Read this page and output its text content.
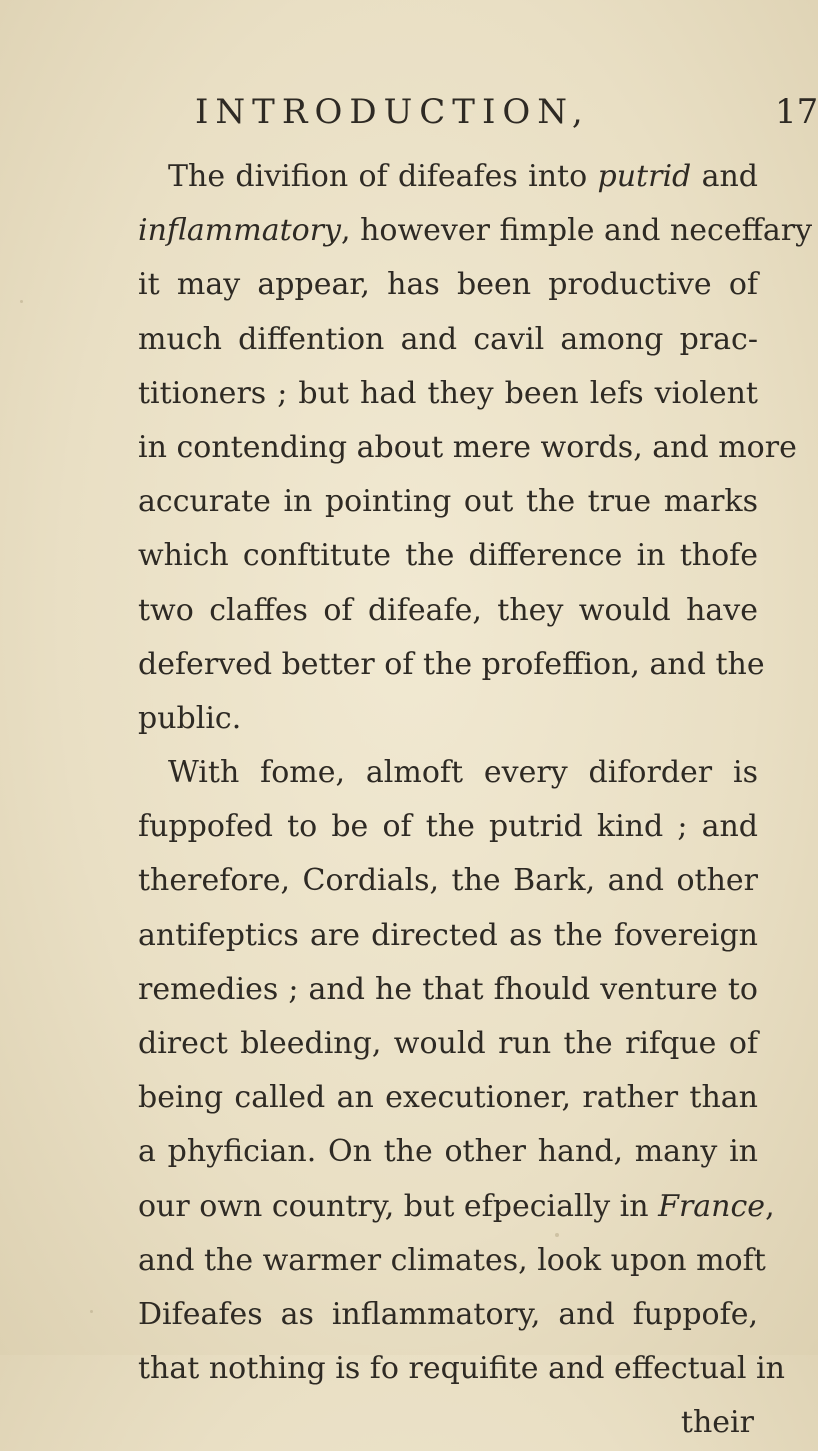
INTRODUCTION,	17
The divifion of difeafes into putrid and
inflammatory, however fimple and neceffary
it may appear, has been productive of
much diffention and cavil among prac-
titioners ; but had they been lefs violent
in contending about mere words, and more
accurate in pointing out the true marks
which conftitute the difference in thofe
two claffes of difeafe, they would have
deferved better of the profeffion, and the
public.
With fome, almoft every diforder is
fuppofed to be of the putrid kind ; and
therefore, Cordials, the Bark, and other
antifeptics are directed as the fovereign
remedies ; and he that fhould venture to
direct bleeding, would run the rifque of
being called an executioner, rather than
a phyfician. On the other hand, many in
our own country, but efpecially in France,
and the warmer climates, look upon moft
Difeafes as inflammatory, and fuppofe,
that nothing is fo requifite and effectual in
their
